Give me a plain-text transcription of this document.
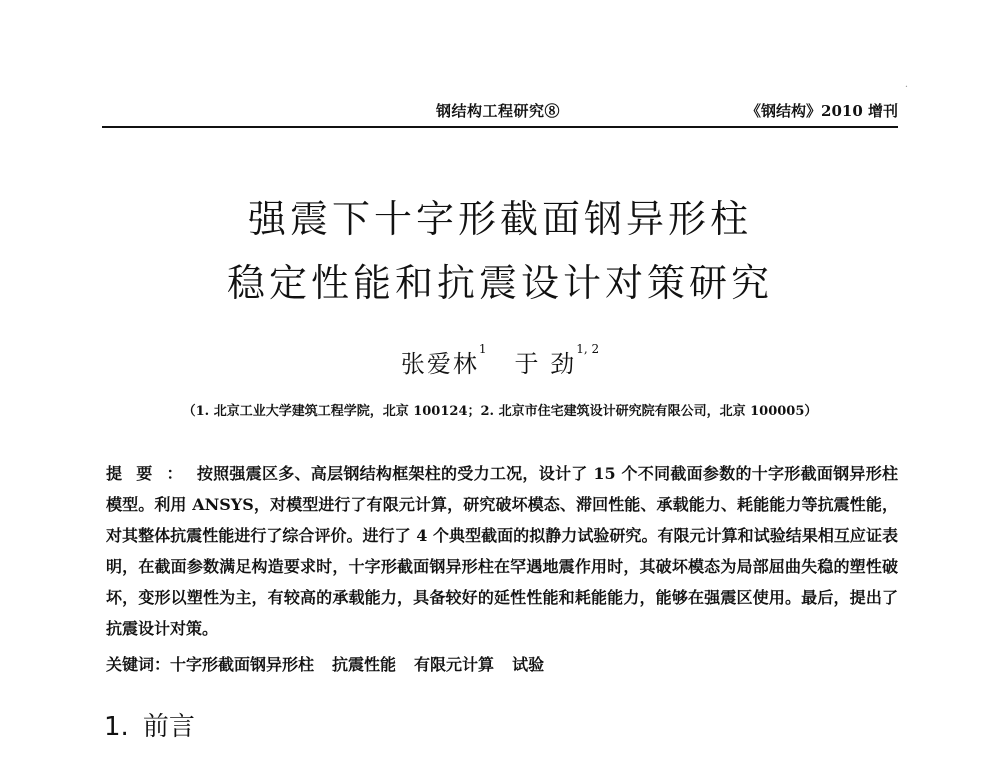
·
钢结构工程研究⑧	《钢结构》2010 增刊
强震下十字形截面钢异形柱
稳定性能和抗震设计对策研究
张爱林$^1$于 劲$^{1, 2}$
（1. 北京工业大学建筑工程学院，北京 100124；2. 北京市住宅建筑设计研究院有限公司，北京 100005）
提要：按照强震区多、高层钢结构框架柱的受力工况，设计了 15 个不同截面参数的十字形截面钢异形柱模型。利用 ANSYS，对模型进行了有限元计算，研究破坏模态、滞回性能、承载能力、耗能能力等抗震性能，对其整体抗震性能进行了综合评价。进行了 4 个典型截面的拟静力试验研究。有限元计算和试验结果相互应证表明，在截面参数满足构造要求时，十字形截面钢异形柱在罕遇地震作用时，其破坏模态为局部屈曲失稳的塑性破坏，变形以塑性为主，有较高的承载能力，具备较好的延性性能和耗能能力，能够在强震区使用。最后，提出了抗震设计对策。
关键词：十字形截面钢异形柱 抗震性能 有限元计算 试验
1. 前言
